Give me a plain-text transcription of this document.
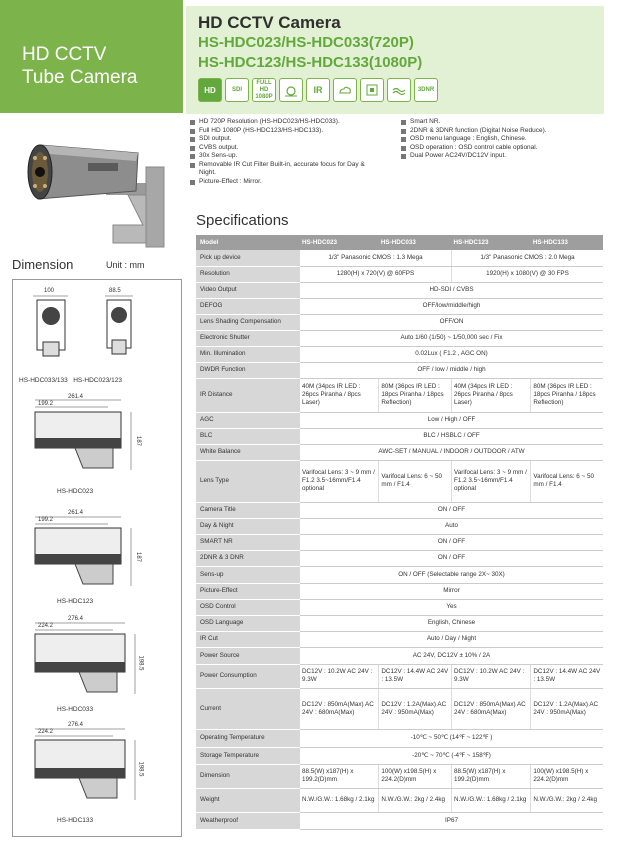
HD CCTV
Tube Camera
HD CCTV Camera
HS-HDC023/HS-HDC033(720P)
HS-HDC123/HS-HDC133(1080P)
HD	SDI
FULL HD 1080P
IR	3DNR
HD 720P Resolution (HS-HDC023/HS-HDC033).
Full HD 1080P (HS-HDC123/HS-HDC133).
SDI output.
CVBS output.
30x Sens-up.
Removable IR Cut Filter Built-in, accurate focus for Day & Night.
Picture-Effect : Mirror.
Smart NR.
2DNR & 3DNR function (Digital Noise Reduce).
OSD menu language : English, Chinese.
OSD operation : OSD control cable optional.
Dual Power AC24V/DC12V input.
Specifications
Dimension	Unit : mm
100	88.5
HS-HDC033/133   HS-HDC023/123
261.4
199.2
187
HS-HDC023
261.4
199.2
187
HS-HDC123
276.4
224.2
198.5
HS-HDC033
276.4
224.2
198.5
HS-HDC133
Model	HS-HDC023	HS-HDC033	HS-HDC123	HS-HDC133
Pick up device	1/3" Panasonic CMOS : 1.3 Mega		1/3" Panasonic CMOS : 2.0 Mega	
Resolution	1280(H) x 720(V) @ 60FPS		1920(H) x 1080(V) @ 30 FPS	
Video Output	HD-SDI / CVBS			
DEFOG	OFF/low/middle/high			
Lens Shading Compensation	OFF/ON			
Electronic Shutter	Auto 1/60 (1/50) ~ 1/50,000 sec / Fix			
Min. Illumination	0.02Lux ( F1.2 , AGC ON)			
DWDR Function	OFF / low / middle / high			
IR Distance	40M (34pcs IR LED : 26pcs Piranha / 8pcs Laser)	80M (36pcs IR LED : 18pcs Piranha / 18pcs Reflection)	40M (34pcs IR LED : 26pcs Piranha / 8pcs Laser)	80M (36pcs IR LED : 18pcs Piranha / 18pcs Reflection)
AGC	Low / High / OFF			
BLC	BLC / HSBLC / OFF			
White Balance	AWC-SET / MANUAL / INDOOR / OUTDOOR / ATW			
Lens Type	Varifocal Lens: 3 ~ 9 mm / F1.2 3.5~16mm/F1.4 optional	Varifocal Lens: 6 ~ 50 mm / F1.4	Varifocal Lens: 3 ~ 9 mm / F1.2 3.5~16mm/F1.4 optional	Varifocal Lens: 6 ~ 50 mm / F1.4
Camera Title	ON / OFF			
Day & Night	Auto			
SMART NR	ON / OFF			
2DNR & 3 DNR	ON / OFF			
Sens-up	ON / OFF (Selectable range 2X~ 30X)			
Picture-Effect	Mirror			
OSD Control	Yes			
OSD Language	English, Chinese			
IR Cut	Auto / Day / Night			
Power Source	AC 24V, DC12V ± 10% / 2A			
Power Consumption	DC12V : 10.2W AC 24V : 9.3W	DC12V : 14.4W AC 24V : 13.5W	DC12V : 10.2W AC 24V : 9.3W	DC12V : 14.4W AC 24V : 13.5W
Current	DC12V : 850mA(Max) AC 24V : 680mA(Max)	DC12V : 1.2A(Max) AC 24V : 950mA(Max)	DC12V : 850mA(Max) AC 24V : 680mA(Max)	DC12V : 1.2A(Max) AC 24V : 950mA(Max)
Operating Temperature	-10℃ ~ 50℃ (14℉ ~ 122℉ )			
Storage Temperature	-20℃ ~ 70℃ (-4℉ ~ 158℉)			
Dimension	88.5(W) x187(H) x 199.2(D)mm	100(W) x198.5(H) x 224.2(D)mm	88.5(W) x187(H) x 199.2(D)mm	100(W) x198.5(H) x 224.2(D)mm
Weight	N.W./G.W.: 1.68kg / 2.1kg	N.W./G.W.: 2kg / 2.4kg	N.W./G.W.: 1.68kg / 2.1kg	N.W./G.W.: 2kg / 2.4kg
Weatherproof	IP67			
